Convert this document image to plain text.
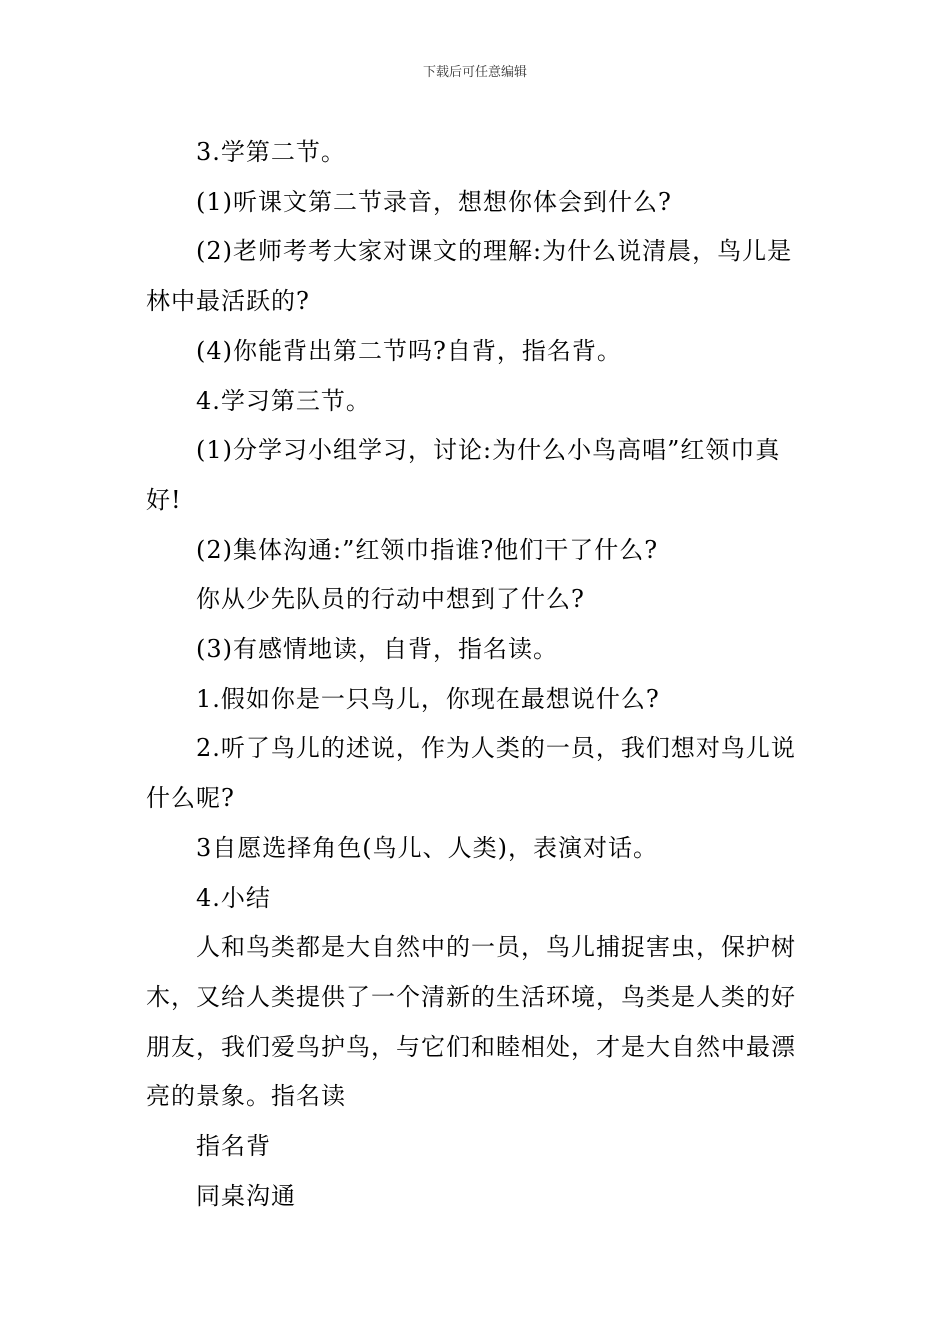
下载后可任意编辑

3.学第二节。

(1)听课文第二节录音，想想你体会到什么?

(2)老师考考大家对课文的理解:为什么说清晨，鸟儿是林中最活跃的?

(4)你能背出第二节吗?自背，指名背。

4.学习第三节。

(1)分学习小组学习，讨论:为什么小鸟高唱”红领巾真好!

(2)集体沟通:”红领巾指谁?他们干了什么?

你从少先队员的行动中想到了什么?

(3)有感情地读，自背，指名读。

1.假如你是一只鸟儿，你现在最想说什么?

2.听了鸟儿的述说，作为人类的一员，我们想对鸟儿说什么呢?

3自愿选择角色(鸟儿、人类)，表演对话。

4.小结

人和鸟类都是大自然中的一员，鸟儿捕捉害虫，保护树木，又给人类提供了一个清新的生活环境，鸟类是人类的好朋友，我们爱鸟护鸟，与它们和睦相处，才是大自然中最漂亮的景象。指名读

指名背

同桌沟通
